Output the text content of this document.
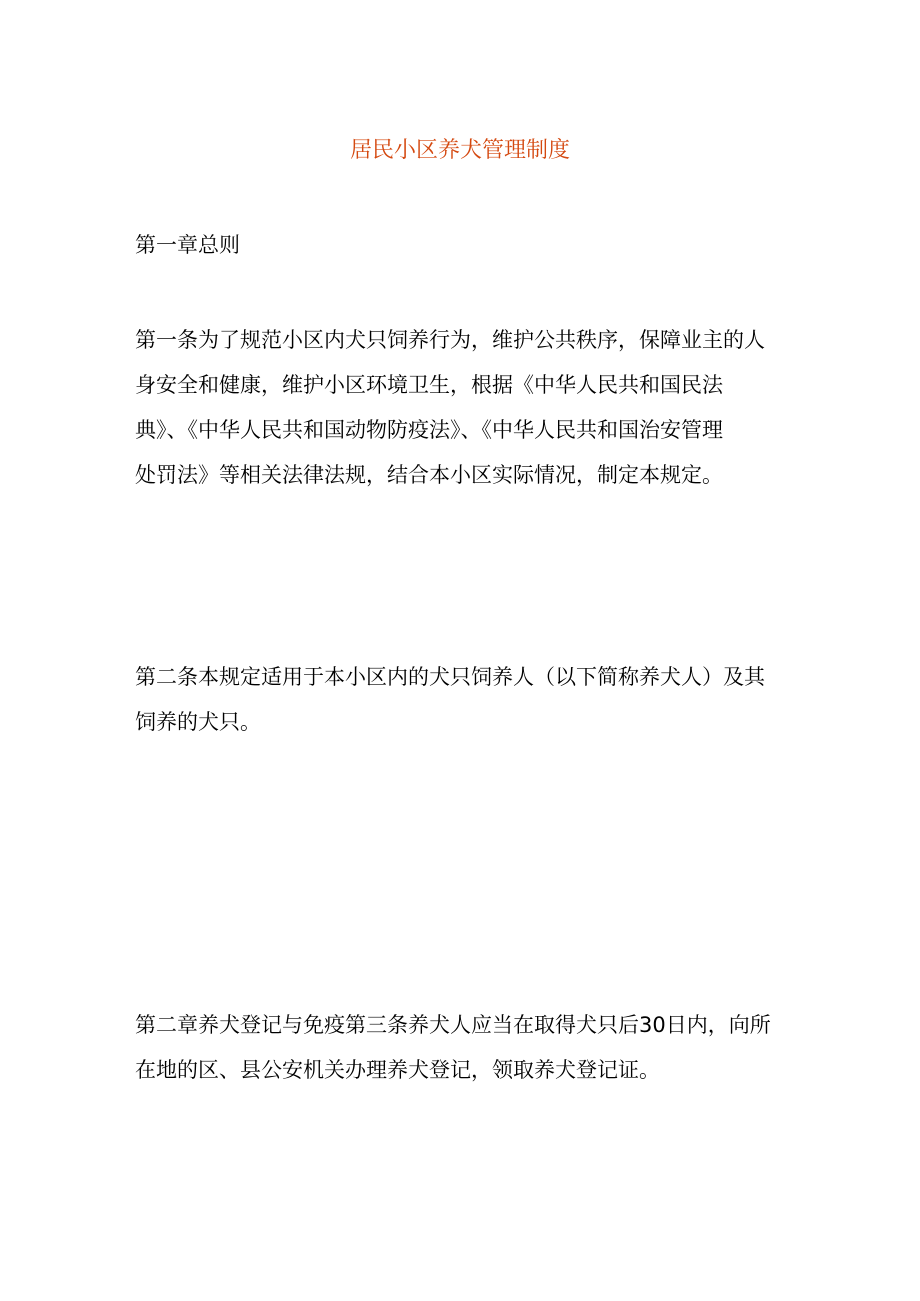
居民小区养犬管理制度
第一章总则
第一条为了规范小区内犬只饲养行为，维护公共秩序，保障业主的人
身安全和健康，维护小区环境卫生，根据《中华人民共和国民法
典》、《中华人民共和国动物防疫法》、《中华人民共和国治安管理
处罚法》等相关法律法规，结合本小区实际情况，制定本规定。
第二条本规定适用于本小区内的犬只饲养人（以下简称养犬人）及其
饲养的犬只。
第二章养犬登记与免疫第三条养犬人应当在取得犬只后30日内，向所
在地的区、县公安机关办理养犬登记，领取养犬登记证。
